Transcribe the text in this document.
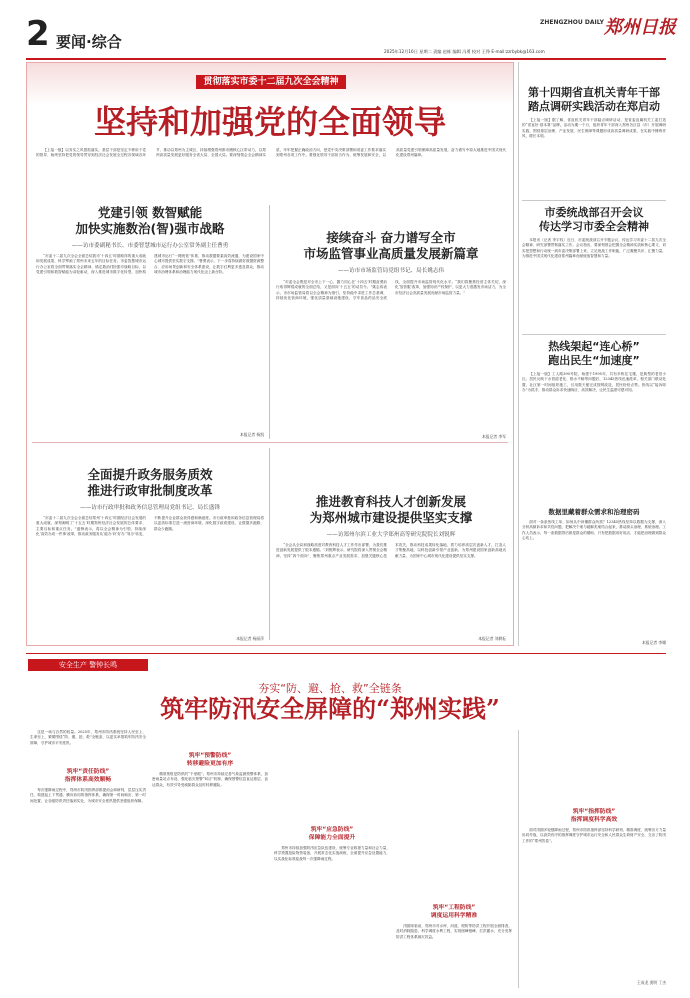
2 要闻·综合
ZHENGZHOU DAILY 郑州日报
2025年12月16日 星期二 责编 赵栋 编辑 冯勇 校对 王铮 E-mail:zzrbybk@163.com
贯彻落实市委十二届九次全会精神
坚持和加强党的全面领导

【上接一版】以务实之风狠抓落实。基层干部是坚定不移用于党的领导、始终坚持把党的领导贯穿到经济社会发展全过程各领域各环节，推动以郑州为主城区，持续增强郑州都市圈核心区带动力，以郑州高质量发展更好服务全省大局、全国大局。要深刻领会全会精神实质，牢牢把握正确政治方向，把党中央决策部署和省委工作要求落实到郑州各项工作中。要强化领导干部担当作为，统筹发展和安全，以高质量党建引领保障高质量发展，奋力谱写中原大地推进中国式现代化建设郑州篇章。

党建引领 数智赋能
加快实施数治(智)强市战略
——访市委副秘书长、市委智慧城市运行办公室常务副主任曹勇

“市委十二届九次全会全面总结我市‘十四五’时期取得的重大成就和发展成果，科学擘画了郑州未来五年的目标任务。市委智慧城市运行办公室将全面贯彻落实全会精神，锚定数治(智)强市战略目标，以党建引领和数智赋能为双轮驱动，深入推进城市数字化转型，加快构建城市运行“一网统管”体系，推动数据要素高效流通，为建设国家中心城市提供坚实数字支撑。”曹勇表示，下一步将持续做好数据资源整合、应用场景创新和安全体系建设，让数字红利更多惠及群众，推动城市治理体系和治理能力现代化迈上新台阶。

本报记者 杨凯
接续奋斗 奋力谱写全市
市场监管事业高质量发展新篇章
——访市市场监管局党组书记、局长姚志伟

“市委全会既是对全市上下一心、勠力同心在‘十四五’时期奋勇前行取得辉煌成就的全面总结，又是面向‘十五五’的动员令。”姚志伟表示，市市场监管局将以全会精神为指引，坚持稳中求进工作总基调，持续优化营商环境，强化质量基础设施建设，守牢食品药品安全底线，全面提升市场监管现代化水平。“我们将聚焦经营主体关切，深化‘放管服’改革，加强知识产权保护，以更大力度激发市场活力，为全市经济社会高质量发展贡献市场监管力量。”

本报记者 李军
全面提升政务服务质效
推进行政审批制度改革
——访市行政审批和政务信息管理局党组书记、局长盛锋

“市委十二届九次全会全面总结郑州‘十四五’时期经济社会发展的重大成就，深刻阐明了‘十五五’时期郑州经济社会发展的总体要求、主要目标和重点任务。”盛锋表示，将以全会精神为引领，持续深化‘高效办成一件事’改革，推动政务服务从‘能办’向‘好办’‘易办’转变，不断提升企业群众获得感和满意度。市行政审批和政务信息管理局将以更高标准打造一流营商环境，深化数字政府建设，让数据多跑路、群众少跑腿。

本报记者 杨丽萍
推进教育科技人才创新发展
为郑州城市建设提供坚实支撑
——访郑州尔滨工业大学郑州高等研究院院长刘锐辉

“全会从全局和战略高度对教育科技人才工作作出部署，为我们推进创新发展提供了根本遵循。”刘锐辉表示，研究院将深入贯彻全会精神，坚持“四个面向”，聚焦郑州重点产业发展需求，加强关键核心技术攻关，推动科技成果转化落地，着力培养高层次创新人才，打造人才集聚高地，以科技创新引领产业创新，为郑州建设国家创新高地贡献力量，为国家中心城市现代化建设提供坚实支撑。

本报记者 刘耕耘
第十四期省直机关青年干部
踏点调研实践活动在郑启动

【上接一版】据了解，省直机关青年干部踏点调研活动，是省委直属机关工委打造的“省直好·基本算”品牌。活动为期一个月，组织青年干部深入郑州各区县（市）开展调研实践，围绕基层治理、产业发展、民生保障等课题形成高质量调研成果，在实践中锤炼作风、增长本领。

市委统战部召开会议
传达学习市委全会精神

本报讯（记者 李宇权）近日，市委统战部召开专题会议，传达学习市委十二届九次全会精神，研究部署贯彻落实工作。会议指出，要深刻领会把握全会精神实质和核心要义，切实把思想和行动统一到市委决策部署上来，立足统战工作职能，广泛凝聚共识、汇聚力量，为推进中国式现代化建设郑州篇章贡献统战智慧和力量。

热线架起“连心桥”
跑出民生“加速度”

【上接一版】工人路390号院，始建于1995年，共有多栋住宅楼，是典型的老旧小区。居民反映下水管道老化、排水不畅等问题后，12345热线迅速派单，相关部门联动处置，社区第一时间组织施工，仅用数天便完成管网改造，居民纷纷点赞。热线以“接诉即办”为抓手，推动群众诉求快速响应、高效解决，让民生温度可感可知。

数据里藏着群众需求和治理密码

面对一条条热线工单，如何从中读懂群众所需？12345热线坚持以数据为支撑，深入分析高频诉求和共性问题，把解决个案与破解类案结合起来，推动源头治理、系统治理。工作人员表示，每一条数据背后都是群众的期盼，只有把数据用好用活，才能把治理做到群众心坎上。

本报记者 李娜
安全生产 警钟长鸣
夯实“防、避、抢、救”全链条
筑牢防汛安全屏障的“郑州实践”

这是一场与自然的较量。2025年，郑州市防汛系统坚持人民至上、生命至上，紧紧围绕“防、避、抢、救”全链条，以更实举措筑牢防汛安全屏障，守护城市平安度汛。

筑牢“责任防线”
指挥体系高效顺畅

每次强降雨过程中，郑州市防汛指挥部都提前会商研判，层层压实责任，构建起上下贯通、横向协同的指挥体系，确保第一时间响应、第一时间处置，让各级防汛责任落到实处，为城市安全度汛提供坚强组织保障。

筑牢“预警防线”
转移避险更加有序

精准预报是防汛的“千里眼”。郑州市持续完善气象监测预警体系，加密雨量站点布设，强化临灾预警“叫应”机制，确保预警信息直达基层、直达群众，有效引导受威胁群众及时转移避险。

筑牢“应急防线”
保障能力全面提升

郑州市持续加强防汛应急队伍建设，统筹专业救援力量和社会力量，科学预置抢险物资装备，开展常态化实战演练，全面提升应急处置能力，以实战化标准迎战每一次强降雨过程。

筑牢“工程防线”
调度运用科学精准

汛期来临前，郑州市对水库、河道、堤防等防洪工程开展全面排查，及时消除隐患，科学调度水利工程，实现削峰错峰、拦洪蓄水，充分发挥防洪工程体系减灾效益。

筑牢“指挥防线”
指挥调度科学高效

面对汛期多轮强降雨过程，郑州市防汛指挥部坚持科学研判、精准调度，统筹各方力量协同作战，以高效有序的指挥调度守护城市运行安全和人民群众生命财产安全，交出了防汛工作的“郑州答卷”。

王成龙 贾明 丁杰
